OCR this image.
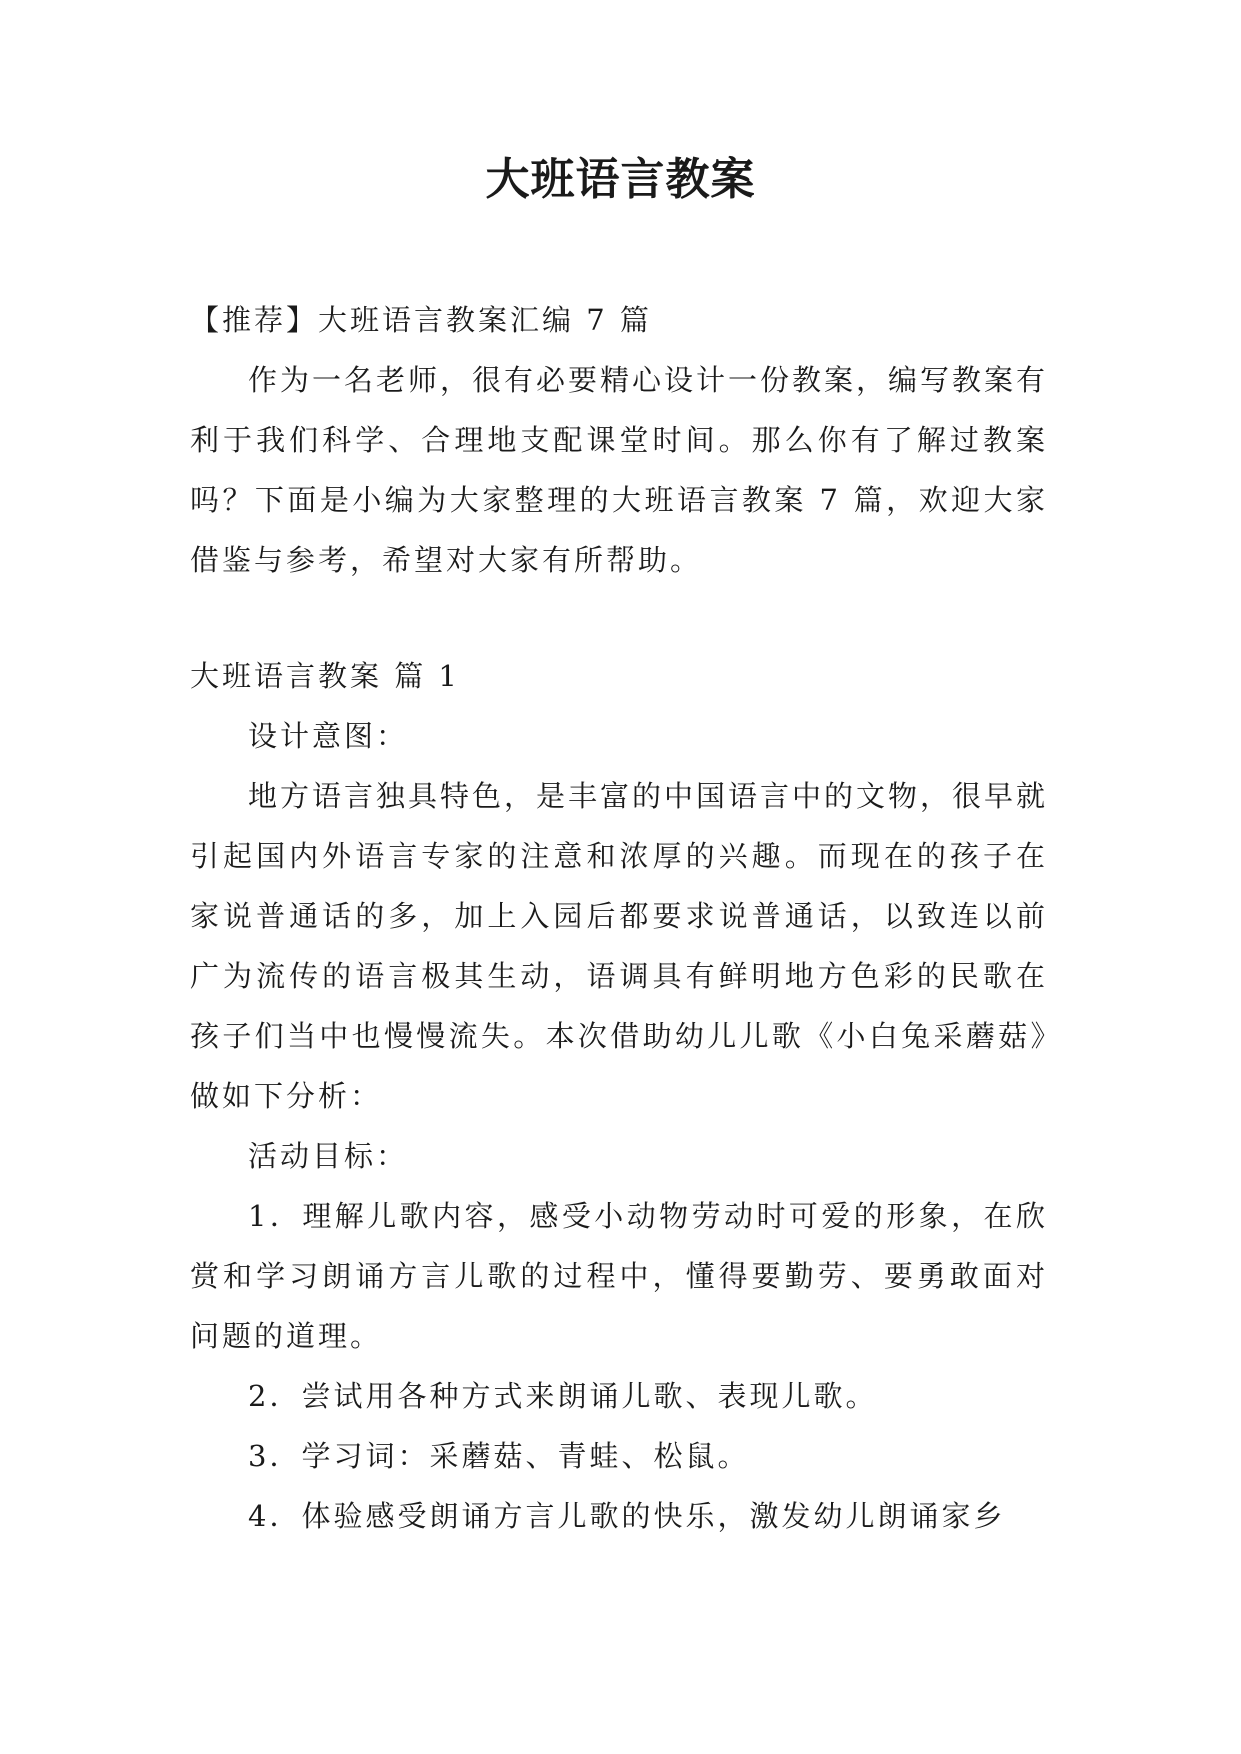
大班语言教案

【推荐】大班语言教案汇编 7 篇

作为一名老师，很有必要精心设计一份教案，编写教案有利于我们科学、合理地支配课堂时间。那么你有了解过教案吗？下面是小编为大家整理的大班语言教案 7 篇，欢迎大家借鉴与参考，希望对大家有所帮助。

大班语言教案 篇 1

设计意图：

地方语言独具特色，是丰富的中国语言中的文物，很早就引起国内外语言专家的注意和浓厚的兴趣。而现在的孩子在家说普通话的多，加上入园后都要求说普通话，以致连以前广为流传的语言极其生动，语调具有鲜明地方色彩的民歌在孩子们当中也慢慢流失。本次借助幼儿儿歌《小白兔采蘑菇》做如下分析：

活动目标：

1．理解儿歌内容，感受小动物劳动时可爱的形象，在欣赏和学习朗诵方言儿歌的过程中，懂得要勤劳、要勇敢面对问题的道理。

2．尝试用各种方式来朗诵儿歌、表现儿歌。

3．学习词：采蘑菇、青蛙、松鼠。

4．体验感受朗诵方言儿歌的快乐，激发幼儿朗诵家乡
